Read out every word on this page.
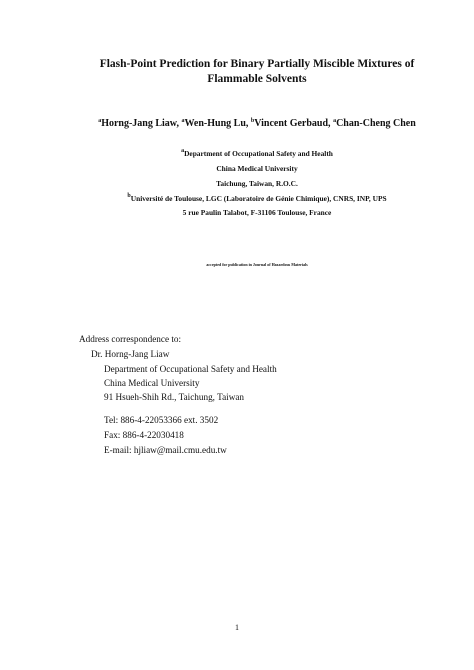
Flash-Point Prediction for Binary Partially Miscible Mixtures of
Flammable Solvents
$^a$Horng-Jang Liaw, $^a$Wen-Hung Lu, $^b$Vincent Gerbaud, $^a$Chan-Cheng Chen
$^a$Department of Occupational Safety and Health
China Medical University
Taichung, Taiwan, R.O.C.
$^b$Université de Toulouse, LGC (Laboratoire de Génie Chimique), CNRS, INP, UPS
5 rue Paulin Talabot, F-31106 Toulouse, France
accepted for publication in Journal of Hazardous Materials
Address correspondence to:
Dr. Horng-Jang Liaw
Department of Occupational Safety and Health
China Medical University
91 Hsueh-Shih Rd., Taichung, Taiwan
Tel: 886-4-22053366 ext. 3502
Fax: 886-4-22030418
E-mail: hjliaw@mail.cmu.edu.tw
1
